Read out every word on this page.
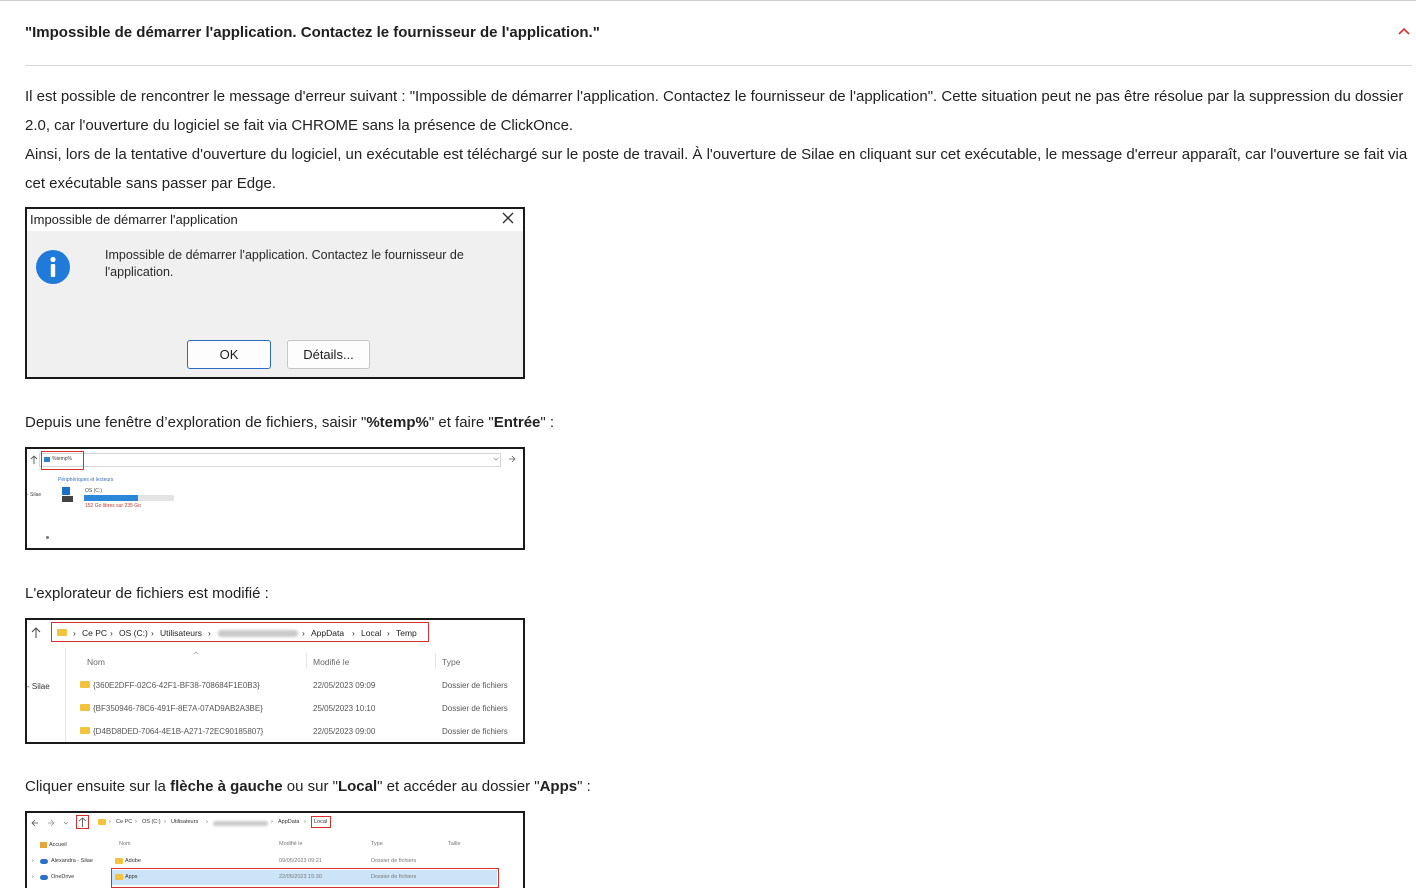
"Impossible de démarrer l'application. Contactez le fournisseur de l'application."
Il est possible de rencontrer le message d'erreur suivant : "Impossible de démarrer l'application. Contactez le fournisseur de l'application". Cette situation peut ne pas être résolue par la suppression du dossier 2.0, car l'ouverture du logiciel se fait via CHROME sans la présence de ClickOnce.
Ainsi, lors de la tentative d'ouverture du logiciel, un exécutable est téléchargé sur le poste de travail. À l'ouverture de Silae en cliquant sur cet exécutable, le message d'erreur apparaît, car l'ouverture se fait via cet exécutable sans passer par Edge.
Impossible de démarrer l'application
Impossible de démarrer l'application. Contactez le fournisseur de l'application.
OK	Détails...
Depuis une fenêtre d’exploration de fichiers, saisir "%temp%" et faire "Entrée" :
%temp%
Périphériques et lecteurs
- Silae
OS (C:)
152 Go libres sur 235 Go
L'explorateur de fichiers est modifié :
› Ce PC › OS (C:) › Utilisateurs ›	› AppData › Local › Temp
- Silae
Nom	Modifié le	Type
{360E2DFF-02C6-42F1-BF38-708684F1E0B3}	22/05/2023 09:09	Dossier de fichiers
{BF350946-78C6-491F-8E7A-07AD9AB2A3BE}	25/05/2023 10:10	Dossier de fichiers
{D4BD8DED-7064-4E1B-A271-72EC90185807}	22/05/2023 09:00	Dossier de fichiers
Cliquer ensuite sur la flèche à gauche ou sur "Local" et accéder au dossier "Apps" :
› Ce PC › OS (C:) › Utilisateurs ›	› AppData › Local
Nom	Modifié le	Type	Taille
Accueil
›	Alexandra - Silae
›	OneDrive
Adobe	09/05/2023 09:21	Dossier de fichiers
Apps	22/05/2023 15:30	Dossier de fichiers
